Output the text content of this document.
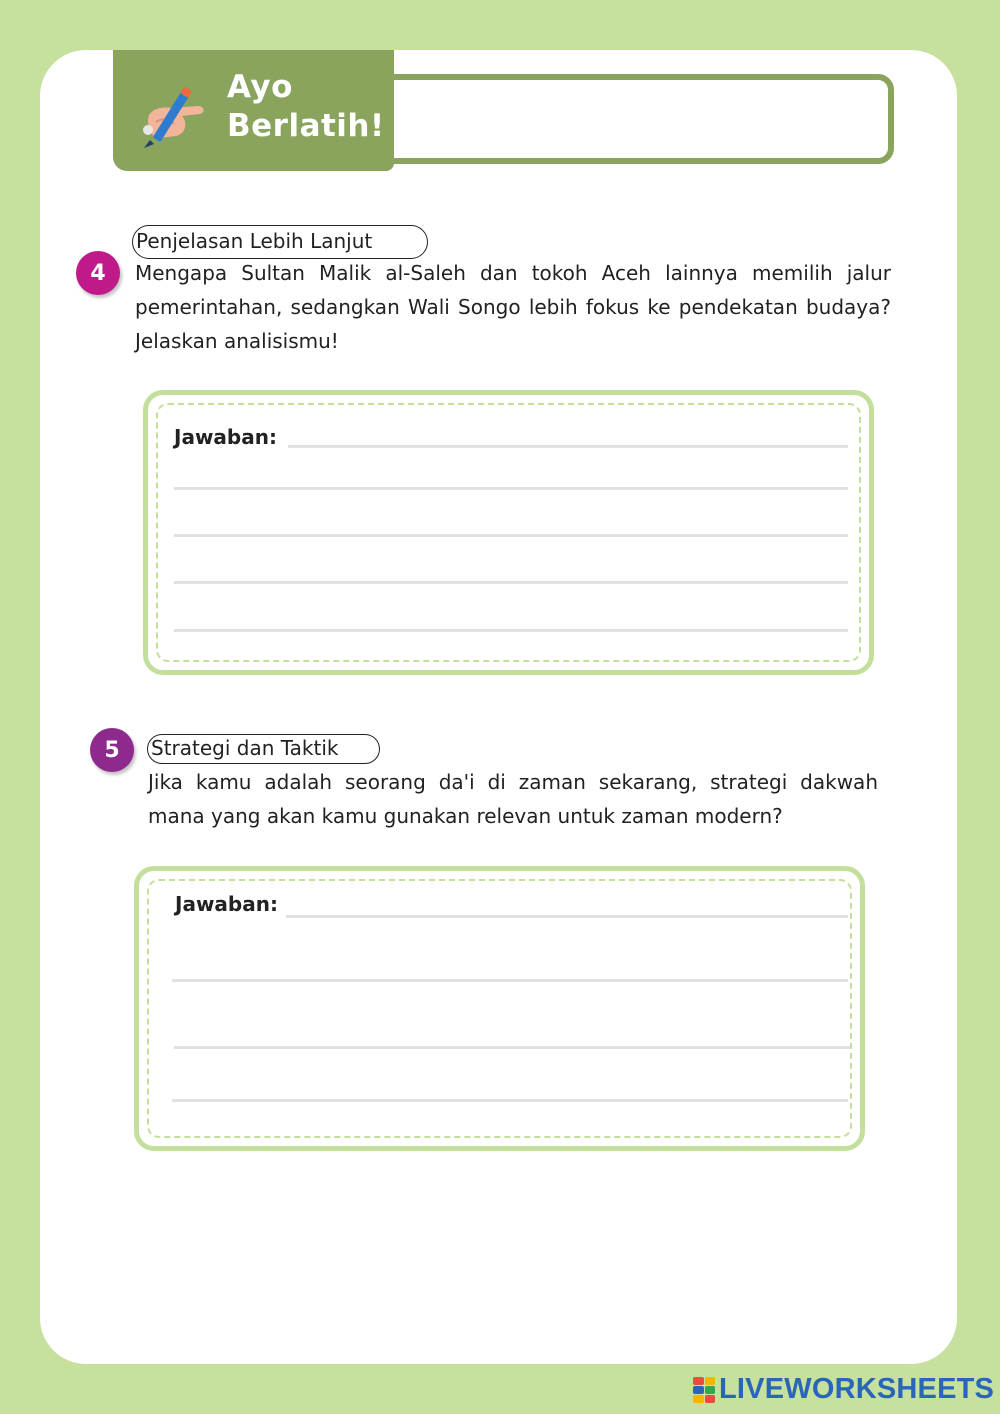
Ayo
Berlatih!
4
Penjelasan Lebih Lanjut
Mengapa Sultan Malik al-Saleh dan tokoh Aceh lainnya memilih jalur pemerintahan, sedangkan Wali Songo lebih fokus ke pendekatan budaya? Jelaskan analisismu!
Jawaban:
5	Strategi dan Taktik
Jika kamu adalah seorang da'i di zaman sekarang, strategi dakwah mana yang akan kamu gunakan relevan untuk zaman modern?
Jawaban:
LIVEWORKSHEETS
